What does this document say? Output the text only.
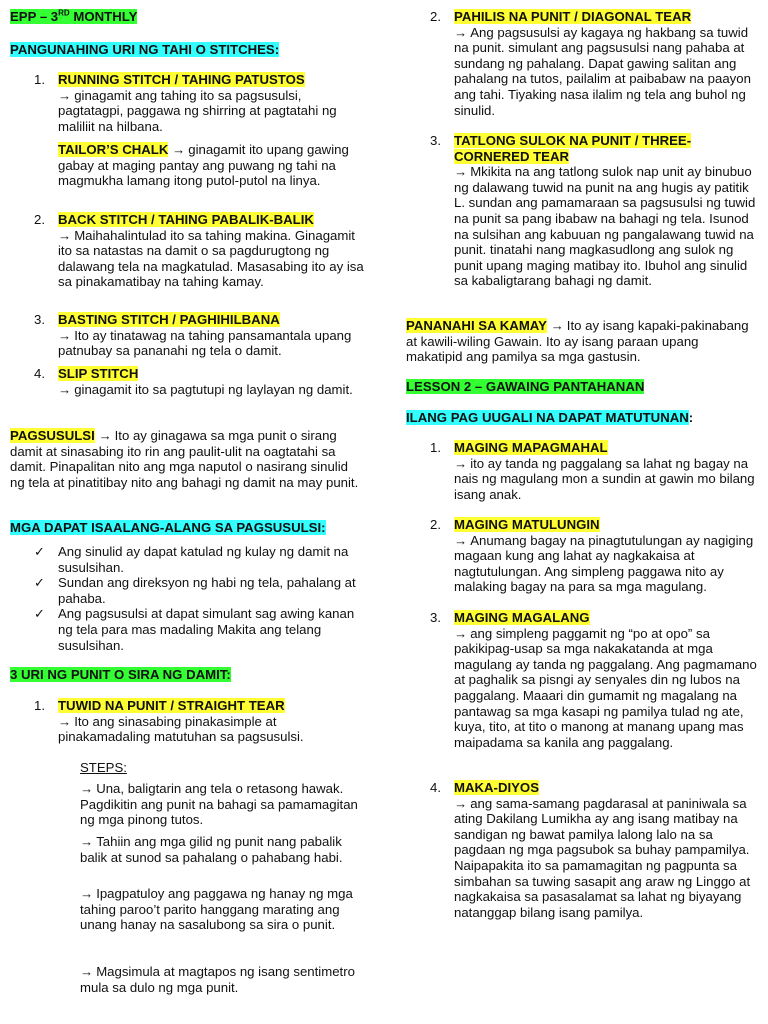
EPP – 3RD MONTHLY
PANGUNAHING URI NG TAHI O STITCHES:
1. RUNNING STITCH / TAHING PATUSTOS

→ ginagamit ang tahing ito sa pagsusulsi, pagtatagpi, paggawa ng shirring at pagtatahi ng maliliit na hilbana.

TAILOR’S CHALK → ginagamit ito upang gawing gabay at maging pantay ang puwang ng tahi na magmukha lamang itong putol-putol na linya.

2. BACK STITCH / TAHING PABALIK-BALIK

→ Maihahalintulad ito sa tahing makina. Ginagamit ito sa natastas na damit o sa pagdurugtong ng dalawang tela na magkatulad. Masasabing ito ay isa sa pinakamatibay na tahing kamay.

3. BASTING STITCH / PAGHIHILBANA

→ Ito ay tinatawag na tahing pansamantala upang patnubay sa pananahi ng tela o damit.

4. SLIP STITCH

→ ginagamit ito sa pagtutupi ng laylayan ng damit.

PAGSUSULSI → Ito ay ginagawa sa mga punit o sirang damit at sinasabing ito rin ang paulit-ulit na oagtatahi sa damit. Pinapalitan nito ang mga naputol o nasirang sinulid ng tela at pinatitibay nito ang bahagi ng damit na may punit.

MGA DAPAT ISAALANG-ALANG SA PAGSUSULSI:
✓ Ang sinulid ay dapat katulad ng kulay ng damit na susulsihan.
✓ Sundan ang direksyon ng habi ng tela, pahalang at pahaba.
✓ Ang pagsusulsi at dapat simulant sag awing kanan ng tela para mas madaling Makita ang telang susulsihan.
3 URI NG PUNIT O SIRA NG DAMIT:
1. TUWID NA PUNIT / STRAIGHT TEAR

→ Ito ang sinasabing pinakasimple at pinakamadaling matutuhan sa pagsusulsi.

STEPS:

→ Una, baligtarin ang tela o retasong hawak. Pagdikitin ang punit na bahagi sa pamamagitan ng mga pinong tutos.

→ Tahiin ang mga gilid ng punit nang pabalik balik at sunod sa pahalang o pahabang habi.

→ Ipagpatuloy ang paggawa ng hanay ng mga tahing paroo’t parito hanggang marating ang unang hanay na sasalubong sa sira o punit.

→ Magsimula at magtapos ng isang sentimetro mula sa dulo ng mga punit.

2. PAHILIS NA PUNIT / DIAGONAL TEAR

→ Ang pagsusulsi ay kagaya ng hakbang sa tuwid na punit. simulant ang pagsusulsi nang pahaba at sundang ng pahalang. Dapat gawing salitan ang pahalang na tutos, pailalim at paibabaw na paayon ang tahi. Tiyaking nasa ilalim ng tela ang buhol ng sinulid.

3. TATLONG SULOK NA PUNIT / THREE-
CORNERED TEAR

→ Mkikita na ang tatlong sulok nap unit ay binubuo ng dalawang tuwid na punit na ang hugis ay patitik L. sundan ang pamamaraan sa pagsusulsi ng tuwid na punit sa pang ibabaw na bahagi ng tela. Isunod na sulsihan ang kabuuan ng pangalawang tuwid na punit. tinatahi nang magkasudlong ang sulok ng punit upang maging matibay ito. Ibuhol ang sinulid sa kabaligtarang bahagi ng damit.

PANANAHI SA KAMAY → Ito ay isang kapaki-pakinabang at kawili-wiling Gawain. Ito ay isang paraan upang makatipid ang pamilya sa mga gastusin.

LESSON 2 – GAWAING PANTAHANAN
ILANG PAG UUGALI NA DAPAT MATUTUNAN:
1. MAGING MAPAGMAHAL

→ ito ay tanda ng paggalang sa lahat ng bagay na nais ng magulang mon a sundin at gawin mo bilang isang anak.

2. MAGING MATULUNGIN

→ Anumang bagay na pinagtutulungan ay nagiging magaan kung ang lahat ay nagkakaisa at nagtutulungan. Ang simpleng paggawa nito ay malaking bagay na para sa mga magulang.

3. MAGING MAGALANG

→ ang simpleng paggamit ng “po at opo” sa pakikipag-usap sa mga nakakatanda at mga magulang ay tanda ng paggalang. Ang pagmamano at paghalik sa pisngi ay senyales din ng lubos na paggalang. Maaari din gumamit ng magalang na pantawag sa mga kasapi ng pamilya tulad ng ate, kuya, tito, at tito o manong at manang upang mas maipadama sa kanila ang paggalang.

4. MAKA-DIYOS

→ ang sama-samang pagdarasal at paniniwala sa ating Dakilang Lumikha ay ang isang matibay na sandigan ng bawat pamilya lalong lalo na sa pagdaan ng mga pagsubok sa buhay pampamilya. Naipapakita ito sa pamamagitan ng pagpunta sa simbahan sa tuwing sasapit ang araw ng Linggo at nagkakaisa sa pasasalamat sa lahat ng biyayang natanggap bilang isang pamilya.
